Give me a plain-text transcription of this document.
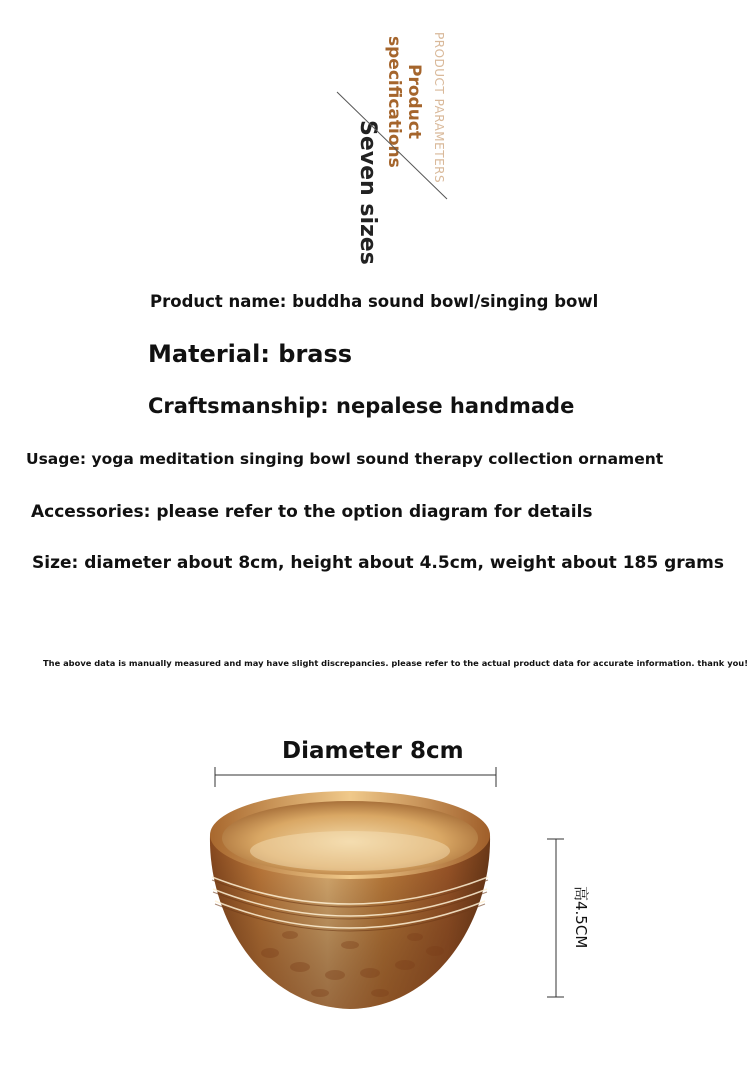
PRODUCT PARAMETERS
Product
specifications
Seven sizes
Product name: buddha sound bowl/singing bowl
Material: brass
Craftsmanship: nepalese handmade
Usage: yoga meditation singing bowl sound therapy collection ornament
Accessories: please refer to the option diagram for details
Size: diameter about 8cm, height about 4.5cm, weight about 185 grams
The above data is manually measured and may have slight discrepancies. please refer to the actual product data for accurate information. thank you!
Diameter 8cm
高4.5CM
